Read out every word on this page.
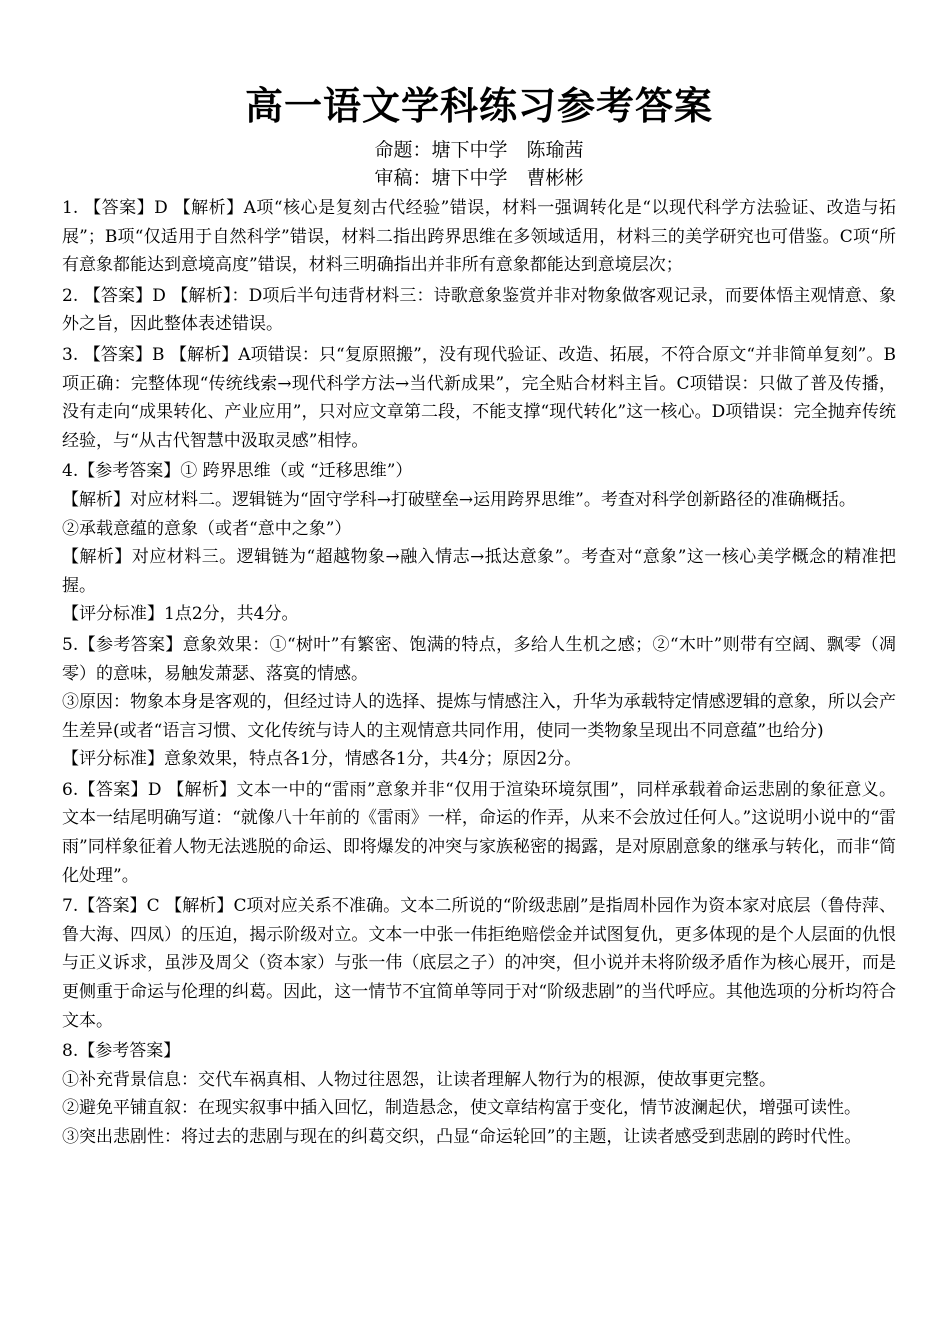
高一语文学科练习参考答案

命题：塘下中学　陈瑜茜

审稿：塘下中学　曹彬彬

1. 【答案】D 【解析】A项“核心是复刻古代经验”错误，材料一强调转化是“以现代科学方法验证、改造与拓展”；B项“仅适用于自然科学”错误，材料二指出跨界思维在多领域适用，材料三的美学研究也可借鉴。C项“所有意象都能达到意境高度”错误，材料三明确指出并非所有意象都能达到意境层次；

2. 【答案】D 【解析】：D项后半句违背材料三：诗歌意象鉴赏并非对物象做客观记录，而要体悟主观情意、象外之旨，因此整体表述错误。

3. 【答案】B 【解析】A项错误：只“复原照搬”，没有现代验证、改造、拓展，不符合原文“并非简单复刻”。B项正确：完整体现“传统线索→现代科学方法→当代新成果”，完全贴合材料主旨。C项错误：只做了普及传播，没有走向“成果转化、产业应用”，只对应文章第二段，不能支撑“现代转化”这一核心。D项错误：完全抛弃传统经验，与“从古代智慧中汲取灵感”相悖。

4.【参考答案】① 跨界思维（或 “迁移思维”）

【解析】对应材料二。逻辑链为“固守学科→打破壁垒→运用跨界思维”。考查对科学创新路径的准确概括。

②承载意蕴的意象（或者“意中之象”）

【解析】对应材料三。逻辑链为“超越物象→融入情志→抵达意象”。考查对“意象”这一核心美学概念的精准把握。

【评分标准】1点2分，共4分。

5.【参考答案】意象效果：①“树叶”有繁密、饱满的特点，多给人生机之感；②“木叶”则带有空阔、飘零（凋零）的意味，易触发萧瑟、落寞的情感。

③原因：物象本身是客观的，但经过诗人的选择、提炼与情感注入，升华为承载特定情感逻辑的意象，所以会产生差异(或者“语言习惯、文化传统与诗人的主观情意共同作用，使同一类物象呈现出不同意蕴”也给分)

【评分标准】意象效果，特点各1分，情感各1分，共4分；原因2分。

6.【答案】D 【解析】文本一中的“雷雨”意象并非“仅用于渲染环境氛围”，同样承载着命运悲剧的象征意义。文本一结尾明确写道：“就像八十年前的《雷雨》一样，命运的作弄，从来不会放过任何人。”这说明小说中的“雷雨”同样象征着人物无法逃脱的命运、即将爆发的冲突与家族秘密的揭露，是对原剧意象的继承与转化，而非“简化处理”。

7.【答案】C 【解析】C项对应关系不准确。文本二所说的“阶级悲剧”是指周朴园作为资本家对底层（鲁侍萍、鲁大海、四凤）的压迫，揭示阶级对立。文本一中张一伟拒绝赔偿金并试图复仇，更多体现的是个人层面的仇恨与正义诉求，虽涉及周父（资本家）与张一伟（底层之子）的冲突，但小说并未将阶级矛盾作为核心展开，而是更侧重于命运与伦理的纠葛。因此，这一情节不宜简单等同于对“阶级悲剧”的当代呼应。其他选项的分析均符合文本。

8.【参考答案】

①补充背景信息：交代车祸真相、人物过往恩怨，让读者理解人物行为的根源，使故事更完整。

②避免平铺直叙：在现实叙事中插入回忆，制造悬念，使文章结构富于变化，情节波澜起伏，增强可读性。

③突出悲剧性：将过去的悲剧与现在的纠葛交织，凸显“命运轮回”的主题，让读者感受到悲剧的跨时代性。
